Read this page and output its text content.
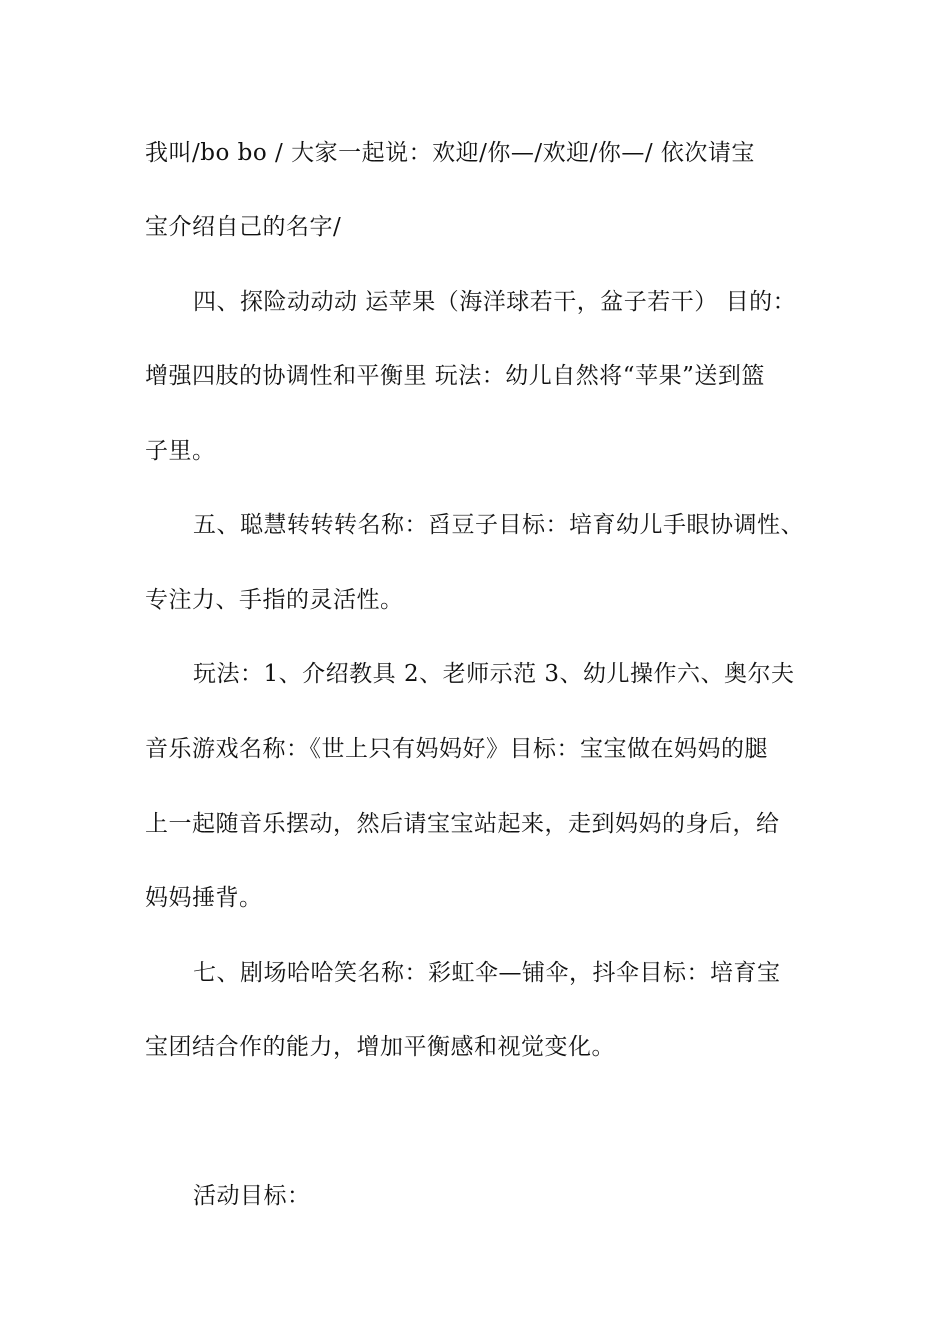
我叫/bo bo / 大家一起说：欢迎/你—/欢迎/你—/ 依次请宝
宝介绍自己的名字/
四、探险动动动 运苹果（海洋球若干，盆子若干） 目的：
增强四肢的协调性和平衡里 玩法：幼儿自然将“苹果”送到篮
子里。
五、聪慧转转转名称：舀豆子目标：培育幼儿手眼协调性、
专注力、手指的灵活性。
玩法：1、介绍教具 2、老师示范 3、幼儿操作六、奥尔夫
音乐游戏名称：《世上只有妈妈好》目标：宝宝做在妈妈的腿
上一起随音乐摆动，然后请宝宝站起来，走到妈妈的身后，给
妈妈捶背。
七、剧场哈哈笑名称：彩虹伞—铺伞，抖伞目标：培育宝
宝团结合作的能力，增加平衡感和视觉变化。
活动目标：
